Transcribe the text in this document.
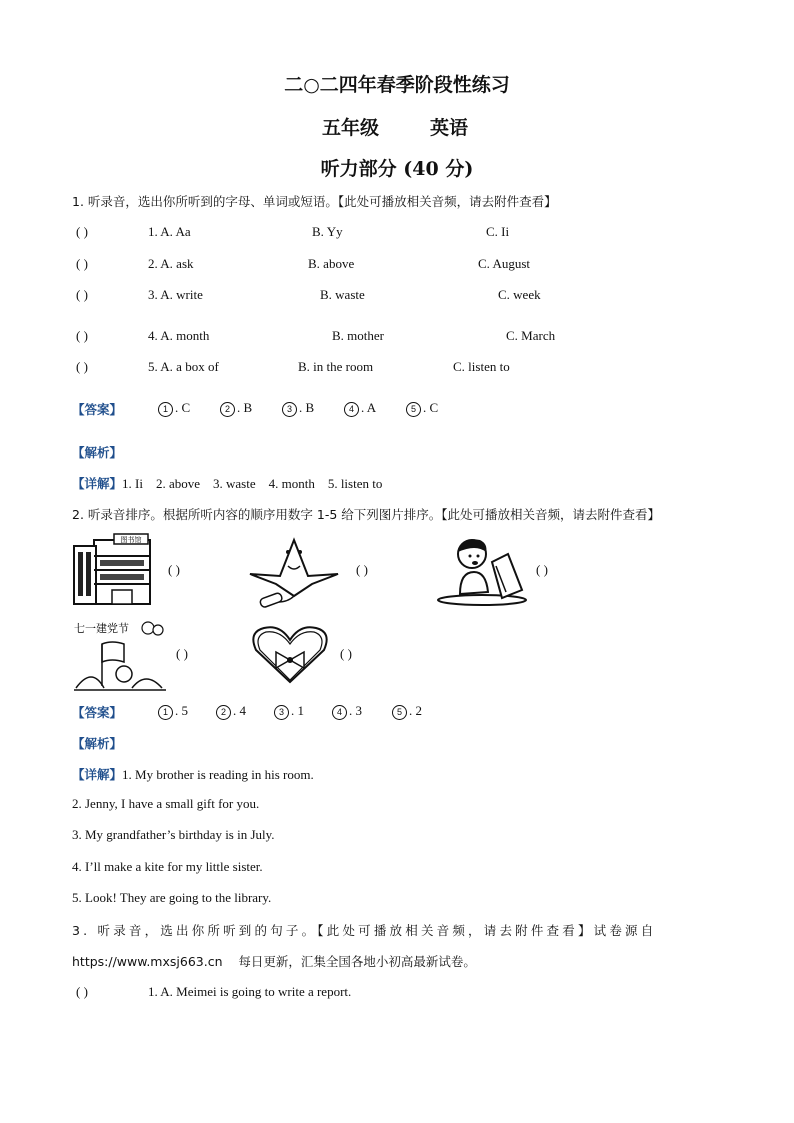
二○二四年春季阶段性练习
五年级	英语
听力部分 (40 分)
1. 听录音，选出你所听到的字母、单词或短语。【此处可播放相关音频，请去附件查看】
( )	1. A. Aa	B. Yy	C. Ii
( )	2. A. ask	B. above	C. August
( )	3. A. write	B. waste	C. week
( )	4. A. month	B. mother	C. March
( )	5. A. a box of	B. in the room	C. listen to
【答案】	1 . C	2 . B	3 . B	4 . A	5 . C
【解析】
【详解】1. Ii    2. above    3. waste    4. month    5. listen to
2. 听录音排序。根据所听内容的顺序用数字 1-5 给下列图片排序。【此处可播放相关音频，请去附件查看】
图书馆
( )	( )	( )
七一建党节
( )	( )
【答案】	1 . 5	2 . 4	3 . 1	4 . 3	5 . 2
【解析】
【详解】1. My brother is reading in his room.
2. Jenny, I have a small gift for you.
3. My grandfather’s birthday is in July.
4. I’ll make a kite for my little sister.
5. Look! They are going to the library.
3. 听录音，选出你所听到的句子。【此处可播放相关音频，请去附件查看】试卷源自
https://www.mxsj663.cn    每日更新，汇集全国各地小初高最新试卷。
( )	1. A. Meimei is going to write a report.
